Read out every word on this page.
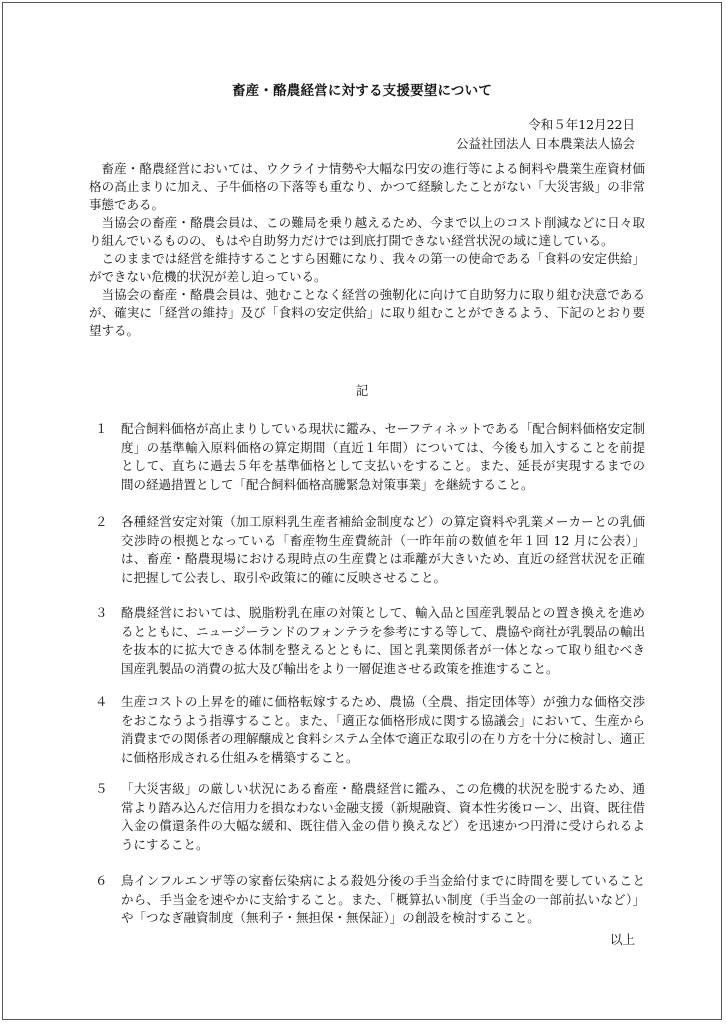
畜産・酪農経営に対する支援要望について
令和５年12月22日
公益社団法人 日本農業法人協会

畜産・酪農経営においては、ウクライナ情勢や大幅な円安の進行等による飼料や農業生産資材価格の高止まりに加え、子牛価格の下落等も重なり、かつて経験したことがない「大災害級」の非常事態である。

当協会の畜産・酪農会員は、この難局を乗り越えるため、今まで以上のコスト削減などに日々取り組んでいるものの、もはや自助努力だけでは到底打開できない経営状況の域に達している。

このままでは経営を維持することすら困難になり、我々の第一の使命である「食料の安定供給」ができない危機的状況が差し迫っている。

当協会の畜産・酪農会員は、弛むことなく経営の強靭化に向けて自助努力に取り組む決意であるが、確実に「経営の維持」及び「食料の安定供給」に取り組むことができるよう、下記のとおり要望する。

記
１	配合飼料価格が高止まりしている現状に鑑み、セーフティネットである「配合飼料価格安定制度」の基準輸入原料価格の算定期間（直近１年間）については、今後も加入することを前提として、直ちに過去５年を基準価格として支払いをすること。また、延長が実現するまでの間の経過措置として「配合飼料価格高騰緊急対策事業」を継続すること。

２	各種経営安定対策（加工原料乳生産者補給金制度など）の算定資料や乳業メーカーとの乳価交渉時の根拠となっている「畜産物生産費統計（一昨年前の数値を年１回 12 月に公表）」は、畜産・酪農現場における現時点の生産費とは乖離が大きいため、直近の経営状況を正確に把握して公表し、取引や政策に的確に反映させること。

３	酪農経営においては、脱脂粉乳在庫の対策として、輸入品と国産乳製品との置き換えを進めるとともに、ニュージーランドのフォンテラを参考にする等して、農協や商社が乳製品の輸出を抜本的に拡大できる体制を整えるとともに、国と乳業関係者が一体となって取り組むべき国産乳製品の消費の拡大及び輸出をより一層促進させる政策を推進すること。

４	生産コストの上昇を的確に価格転嫁するため、農協（全農、指定団体等）が強力な価格交渉をおこなうよう指導すること。また、「適正な価格形成に関する協議会」において、生産から消費までの関係者の理解醸成と食料システム全体で適正な取引の在り方を十分に検討し、適正に価格形成される仕組みを構築すること。

５	「大災害級」の厳しい状況にある畜産・酪農経営に鑑み、この危機的状況を脱するため、通常より踏み込んだ信用力を損なわない金融支援（新規融資、資本性劣後ローン、出資、既往借入金の償還条件の大幅な緩和、既往借入金の借り換えなど）を迅速かつ円滑に受けられるようにすること。

６	鳥インフルエンザ等の家畜伝染病による殺処分後の手当金給付までに時間を要していることから、手当金を速やかに支給すること。また、「概算払い制度（手当金の一部前払いなど）」や「つなぎ融資制度（無利子・無担保・無保証）」の創設を検討すること。

以上
